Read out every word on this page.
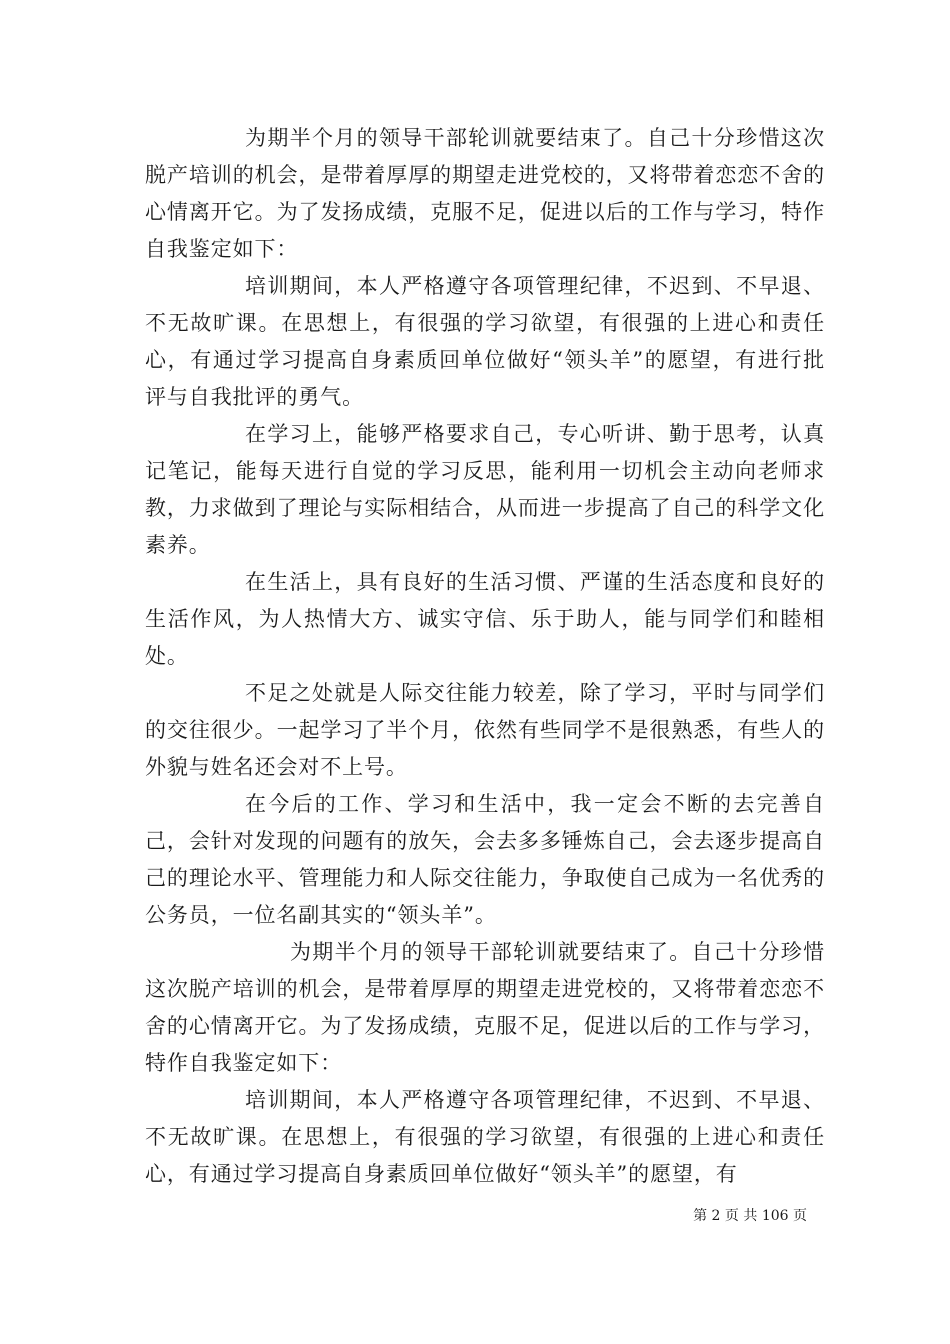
为期半个月的领导干部轮训就要结束了。自己十分珍惜这次脱产培训的机会，是带着厚厚的期望走进党校的，又将带着恋恋不舍的心情离开它。为了发扬成绩，克服不足，促进以后的工作与学习，特作自我鉴定如下：

培训期间，本人严格遵守各项管理纪律，不迟到、不早退、不无故旷课。在思想上，有很强的学习欲望，有很强的上进心和责任心，有通过学习提高自身素质回单位做好“领头羊”的愿望，有进行批评与自我批评的勇气。

在学习上，能够严格要求自己，专心听讲、勤于思考，认真记笔记，能每天进行自觉的学习反思，能利用一切机会主动向老师求教，力求做到了理论与实际相结合，从而进一步提高了自己的科学文化素养。

在生活上，具有良好的生活习惯、严谨的生活态度和良好的生活作风，为人热情大方、诚实守信、乐于助人，能与同学们和睦相处。

不足之处就是人际交往能力较差，除了学习，平时与同学们的交往很少。一起学习了半个月，依然有些同学不是很熟悉，有些人的外貌与姓名还会对不上号。

在今后的工作、学习和生活中，我一定会不断的去完善自己，会针对发现的问题有的放矢，会去多多锤炼自己，会去逐步提高自己的理论水平、管理能力和人际交往能力，争取使自己成为一名优秀的公务员，一位名副其实的“领头羊”。

为期半个月的领导干部轮训就要结束了。自己十分珍惜这次脱产培训的机会，是带着厚厚的期望走进党校的，又将带着恋恋不舍的心情离开它。为了发扬成绩，克服不足，促进以后的工作与学习，特作自我鉴定如下：

培训期间，本人严格遵守各项管理纪律，不迟到、不早退、不无故旷课。在思想上，有很强的学习欲望，有很强的上进心和责任心，有通过学习提高自身素质回单位做好“领头羊”的愿望，有

第 2 页 共 106 页
